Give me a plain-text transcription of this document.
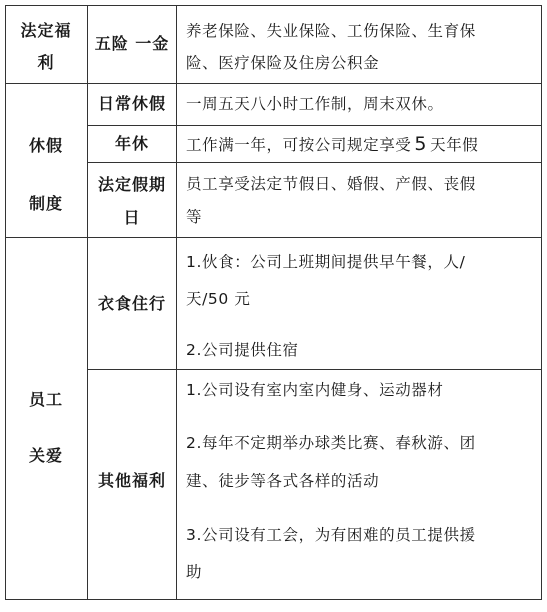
法定福
利
五险 一金
养老保险、失业保险、工伤保险、生育保
险、医疗保险及住房公积金
休假
制度
日常休假	一周五天八小时工作制，周末双休。
年休	工作满一年，可按公司规定享受 5 天年假
法定假期
日
员工享受法定节假日、婚假、产假、丧假
等
员工
关爱
衣食住行
1.伙食：公司上班期间提供早午餐，人/
天/50 元
2.公司提供住宿
其他福利
1.公司设有室内室内健身、运动器材
2.每年不定期举办球类比赛、春秋游、团
建、徒步等各式各样的活动
3.公司设有工会，为有困难的员工提供援
助
